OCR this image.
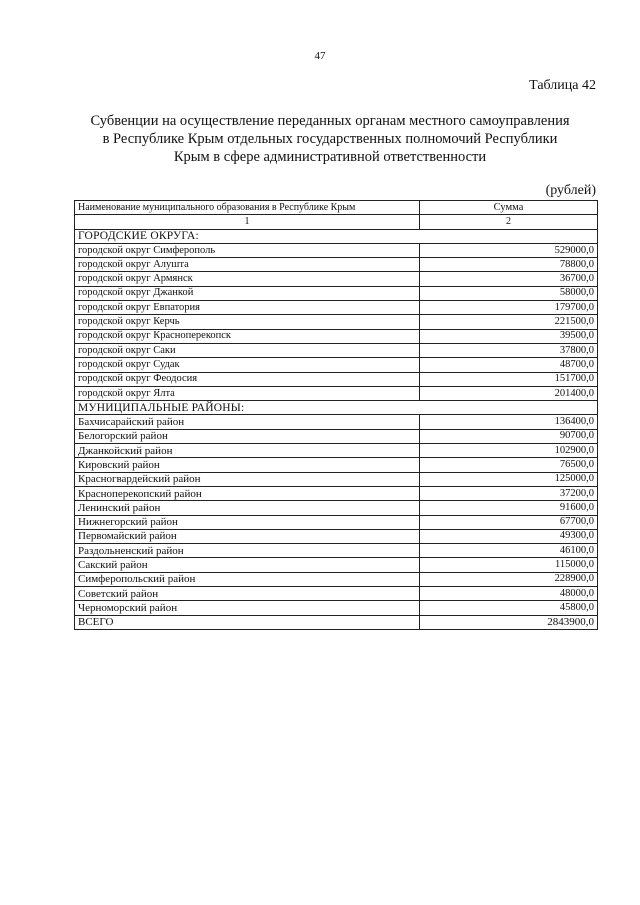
47
Таблица 42
Субвенции на осуществление переданных органам местного самоуправления
в Республике Крым отдельных государственных полномочий Республики
Крым в сфере административной ответственности
(рублей)
Наименование муниципального образования в Республике Крым	Сумма
1	2
ГОРОДСКИЕ ОКРУГА:	
городской округ Симферополь	529000,0
городской округ Алушта	78800,0
городской округ Армянск	36700,0
городской округ Джанкой	58000,0
городской округ Евпатория	179700,0
городской округ Керчь	221500,0
городской округ Красноперекопск	39500,0
городской округ Саки	37800,0
городской округ Судак	48700,0
городской округ Феодосия	151700,0
городской округ Ялта	201400,0
МУНИЦИПАЛЬНЫЕ РАЙОНЫ:	
Бахчисарайский район	136400,0
Белогорский район	90700,0
Джанкойский район	102900,0
Кировский район	76500,0
Красногвардейский район	125000,0
Красноперекопский район	37200,0
Ленинский район	91600,0
Нижнегорский район	67700,0
Первомайский район	49300,0
Раздольненский район	46100,0
Сакский район	115000,0
Симферопольский район	228900,0
Советский район	48000,0
Черноморский район	45800,0
ВСЕГО	2843900,0
